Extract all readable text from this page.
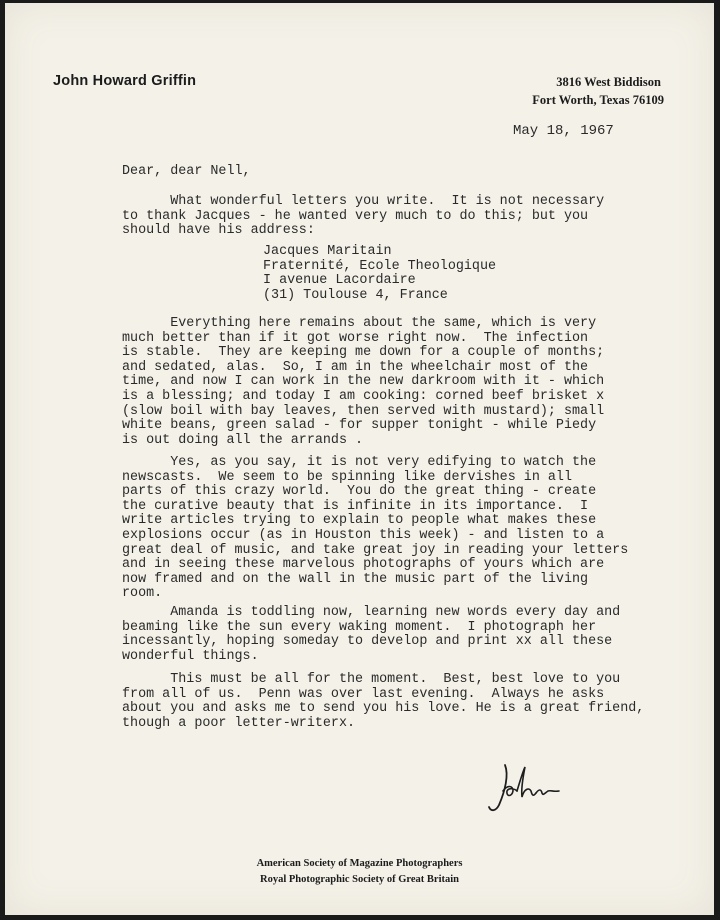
John Howard Griffin	3816 West Biddison
Fort Worth, Texas 76109
May 18, 1967
Dear, dear Nell,
What wonderful letters you write.  It is not necessary
to thank Jacques - he wanted very much to do this; but you
should have his address:
Jacques Maritain
Fraternité, Ecole Theologique
I avenue Lacordaire
(31) Toulouse 4, France
Everything here remains about the same, which is very
much better than if it got worse right now.  The infection
is stable.  They are keeping me down for a couple of months;
and sedated, alas.  So, I am in the wheelchair most of the
time, and now I can work in the new darkroom with it - which
is a blessing; and today I am cooking: corned beef brisket x
(slow boil with bay leaves, then served with mustard); small
white beans, green salad - for supper tonight - while Piedy
is out doing all the arrands .
Yes, as you say, it is not very edifying to watch the
newscasts.  We seem to be spinning like dervishes in all
parts of this crazy world.  You do the great thing - create
the curative beauty that is infinite in its importance.  I
write articles trying to explain to people what makes these
explosions occur (as in Houston this week) - and listen to a
great deal of music, and take great joy in reading your letters
and in seeing these marvelous photographs of yours which are
now framed and on the wall in the music part of the living
room.
Amanda is toddling now, learning new words every day and
beaming like the sun every waking moment.  I photograph her
incessantly, hoping someday to develop and print xx all these
wonderful things.
This must be all for the moment.  Best, best love to you
from all of us.  Penn was over last evening.  Always he asks
about you and asks me to send you his love. He is a great friend,
though a poor letter-writerx.
American Society of Magazine Photographers
Royal Photographic Society of Great Britain
